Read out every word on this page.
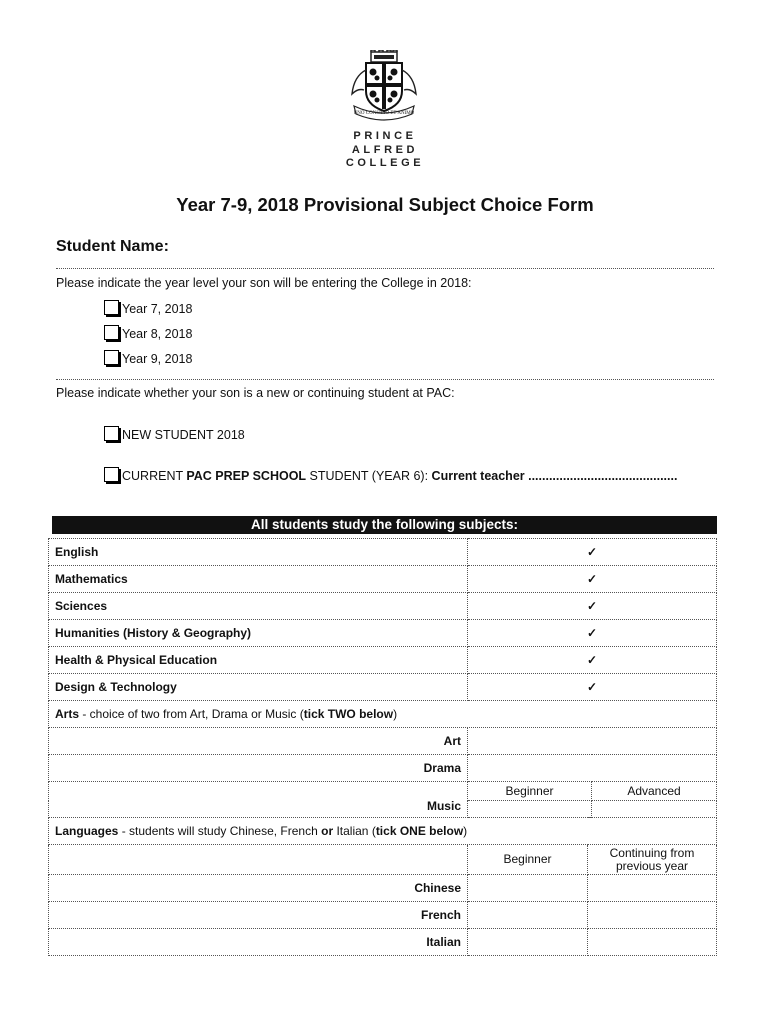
UNO CONSILIO ET ANIMO
PRINCE
ALFRED
COLLEGE
Year 7-9, 2018 Provisional Subject Choice Form
Student Name:
Please indicate the year level your son will be entering the College in 2018:
Year 7, 2018
Year 8, 2018
Year 9, 2018
Please indicate whether your son is a new or continuing student at PAC:
NEW STUDENT 2018
CURRENT PAC PREP SCHOOL STUDENT (YEAR 6): Current teacher ...........................................
All students study the following subjects:
English	✓	
Mathematics	✓	
Sciences	✓	
Humanities (History & Geography)	✓	
Health & Physical Education	✓	
Design & Technology	✓	
Arts - choice of two from Art, Drama or Music (tick TWO below)		
Art		
Drama		
Music	Beginner	Advanced

Languages - students will study Chinese, French or Italian (tick ONE below)		
	Beginner	Continuing from previous year
Chinese		
French		
Italian		
